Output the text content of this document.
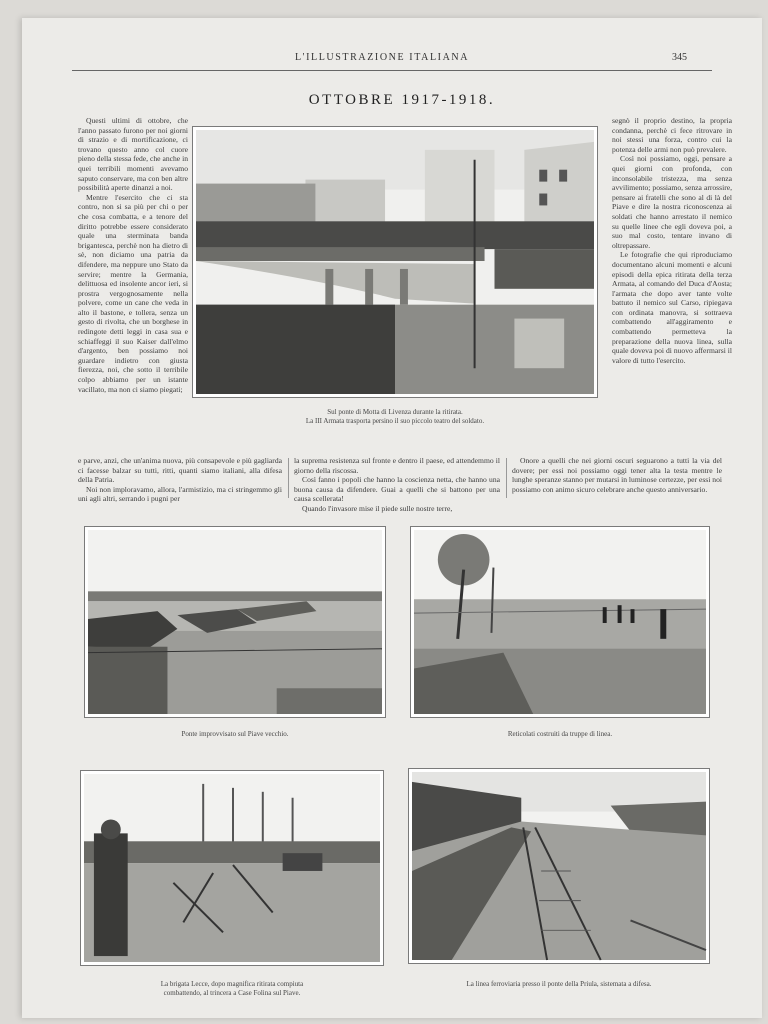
L'ILLUSTRAZIONE ITALIANA	345
OTTOBRE 1917-1918.

Questi ultimi di ottobre, che l'anno passato furono per noi giorni di strazio e di mortificazione, ci trovano questo anno col cuore pieno della stessa fede, che anche in quei terribili momenti avevamo saputo conservare, ma con ben altre possibilità aperte dinanzi a noi.

Mentre l'esercito che ci sta contro, non si sa più per chi o per che cosa combatta, e a tenore del diritto potrebbe essere considerato quale una sterminata banda brigantesca, perchè non ha dietro di sè, non diciamo una patria da difendere, ma neppure uno Stato da servire; mentre la Germania, delittuosa ed insolente ancor ieri, si prostra vergognosamente nella polvere, come un cane che veda in alto il bastone, e tollera, senza un gesto di rivolta, che un borghese in redingote detti leggi in casa sua e schiaffeggi il suo Kaiser dall'elmo d'argento, ben possiamo noi guardare indietro con giusta fierezza, noi, che sotto il terribile colpo abbiamo per un istante vacillato, ma non ci siamo piegati;

Sul ponte di Motta di Livenza durante la ritirata.
La III Armata trasporta persino il suo piccolo teatro del soldato.

segnò il proprio destino, la propria condanna, perchè ci fece ritrovare in noi stessi una forza, contro cui la potenza delle armi non può prevalere.

Così noi possiamo, oggi, pensare a quei giorni con profonda, con inconsolabile tristezza, ma senza avvilimento; possiamo, senza arrossire, pensare ai fratelli che sono al di là del Piave e dire la nostra riconoscenza ai soldati che hanno arrestato il nemico su quelle linee che egli doveva poi, a suo mal costo, tentare invano di oltrepassare.

Le fotografie che qui riproduciamo documentano alcuni momenti e alcuni episodi della epica ritirata della terza Armata, al comando del Duca d'Aosta; l'armata che dopo aver tante volte battuto il nemico sul Carso, ripiegava con ordinata manovra, si sottraeva combattendo all'aggiramento e combattendo permetteva la preparazione della nuova linea, sulla quale doveva poi di nuovo affermarsi il valore di tutto l'esercito.

e parve, anzi, che un'anima nuova, più consapevole e più gagliarda ci facesse balzar su tutti, ritti, quanti siamo italiani, alla difesa della Patria.

Noi non imploravamo, allora, l'armistizio, ma ci stringemmo gli uni agli altri, serrando i pugni per

la suprema resistenza sul fronte e dentro il paese, ed attendemmo il giorno della riscossa.

Così fanno i popoli che hanno la coscienza netta, che hanno una buona causa da difendere. Guai a quelli che si battono per una causa scellerata!

Quando l'invasore mise il piede sulle nostre terre,

Onore a quelli che nei giorni oscuri seguarono a tutti la via del dovere; per essi noi possiamo oggi tener alta la testa mentre le lunghe speranze stanno per mutarsi in luminose certezze, per essi noi possiamo con animo sicuro celebrare anche questo anniversario.

Ponte improvvisato sul Piave vecchio.	Reticolati costruiti da truppe di linea.
La brigata Lecce, dopo magnifica ritirata compiuta
combattendo, al trincera a Case Folina sul Piave.
La linea ferroviaria presso il ponte della Priula, sistemata a difesa.
